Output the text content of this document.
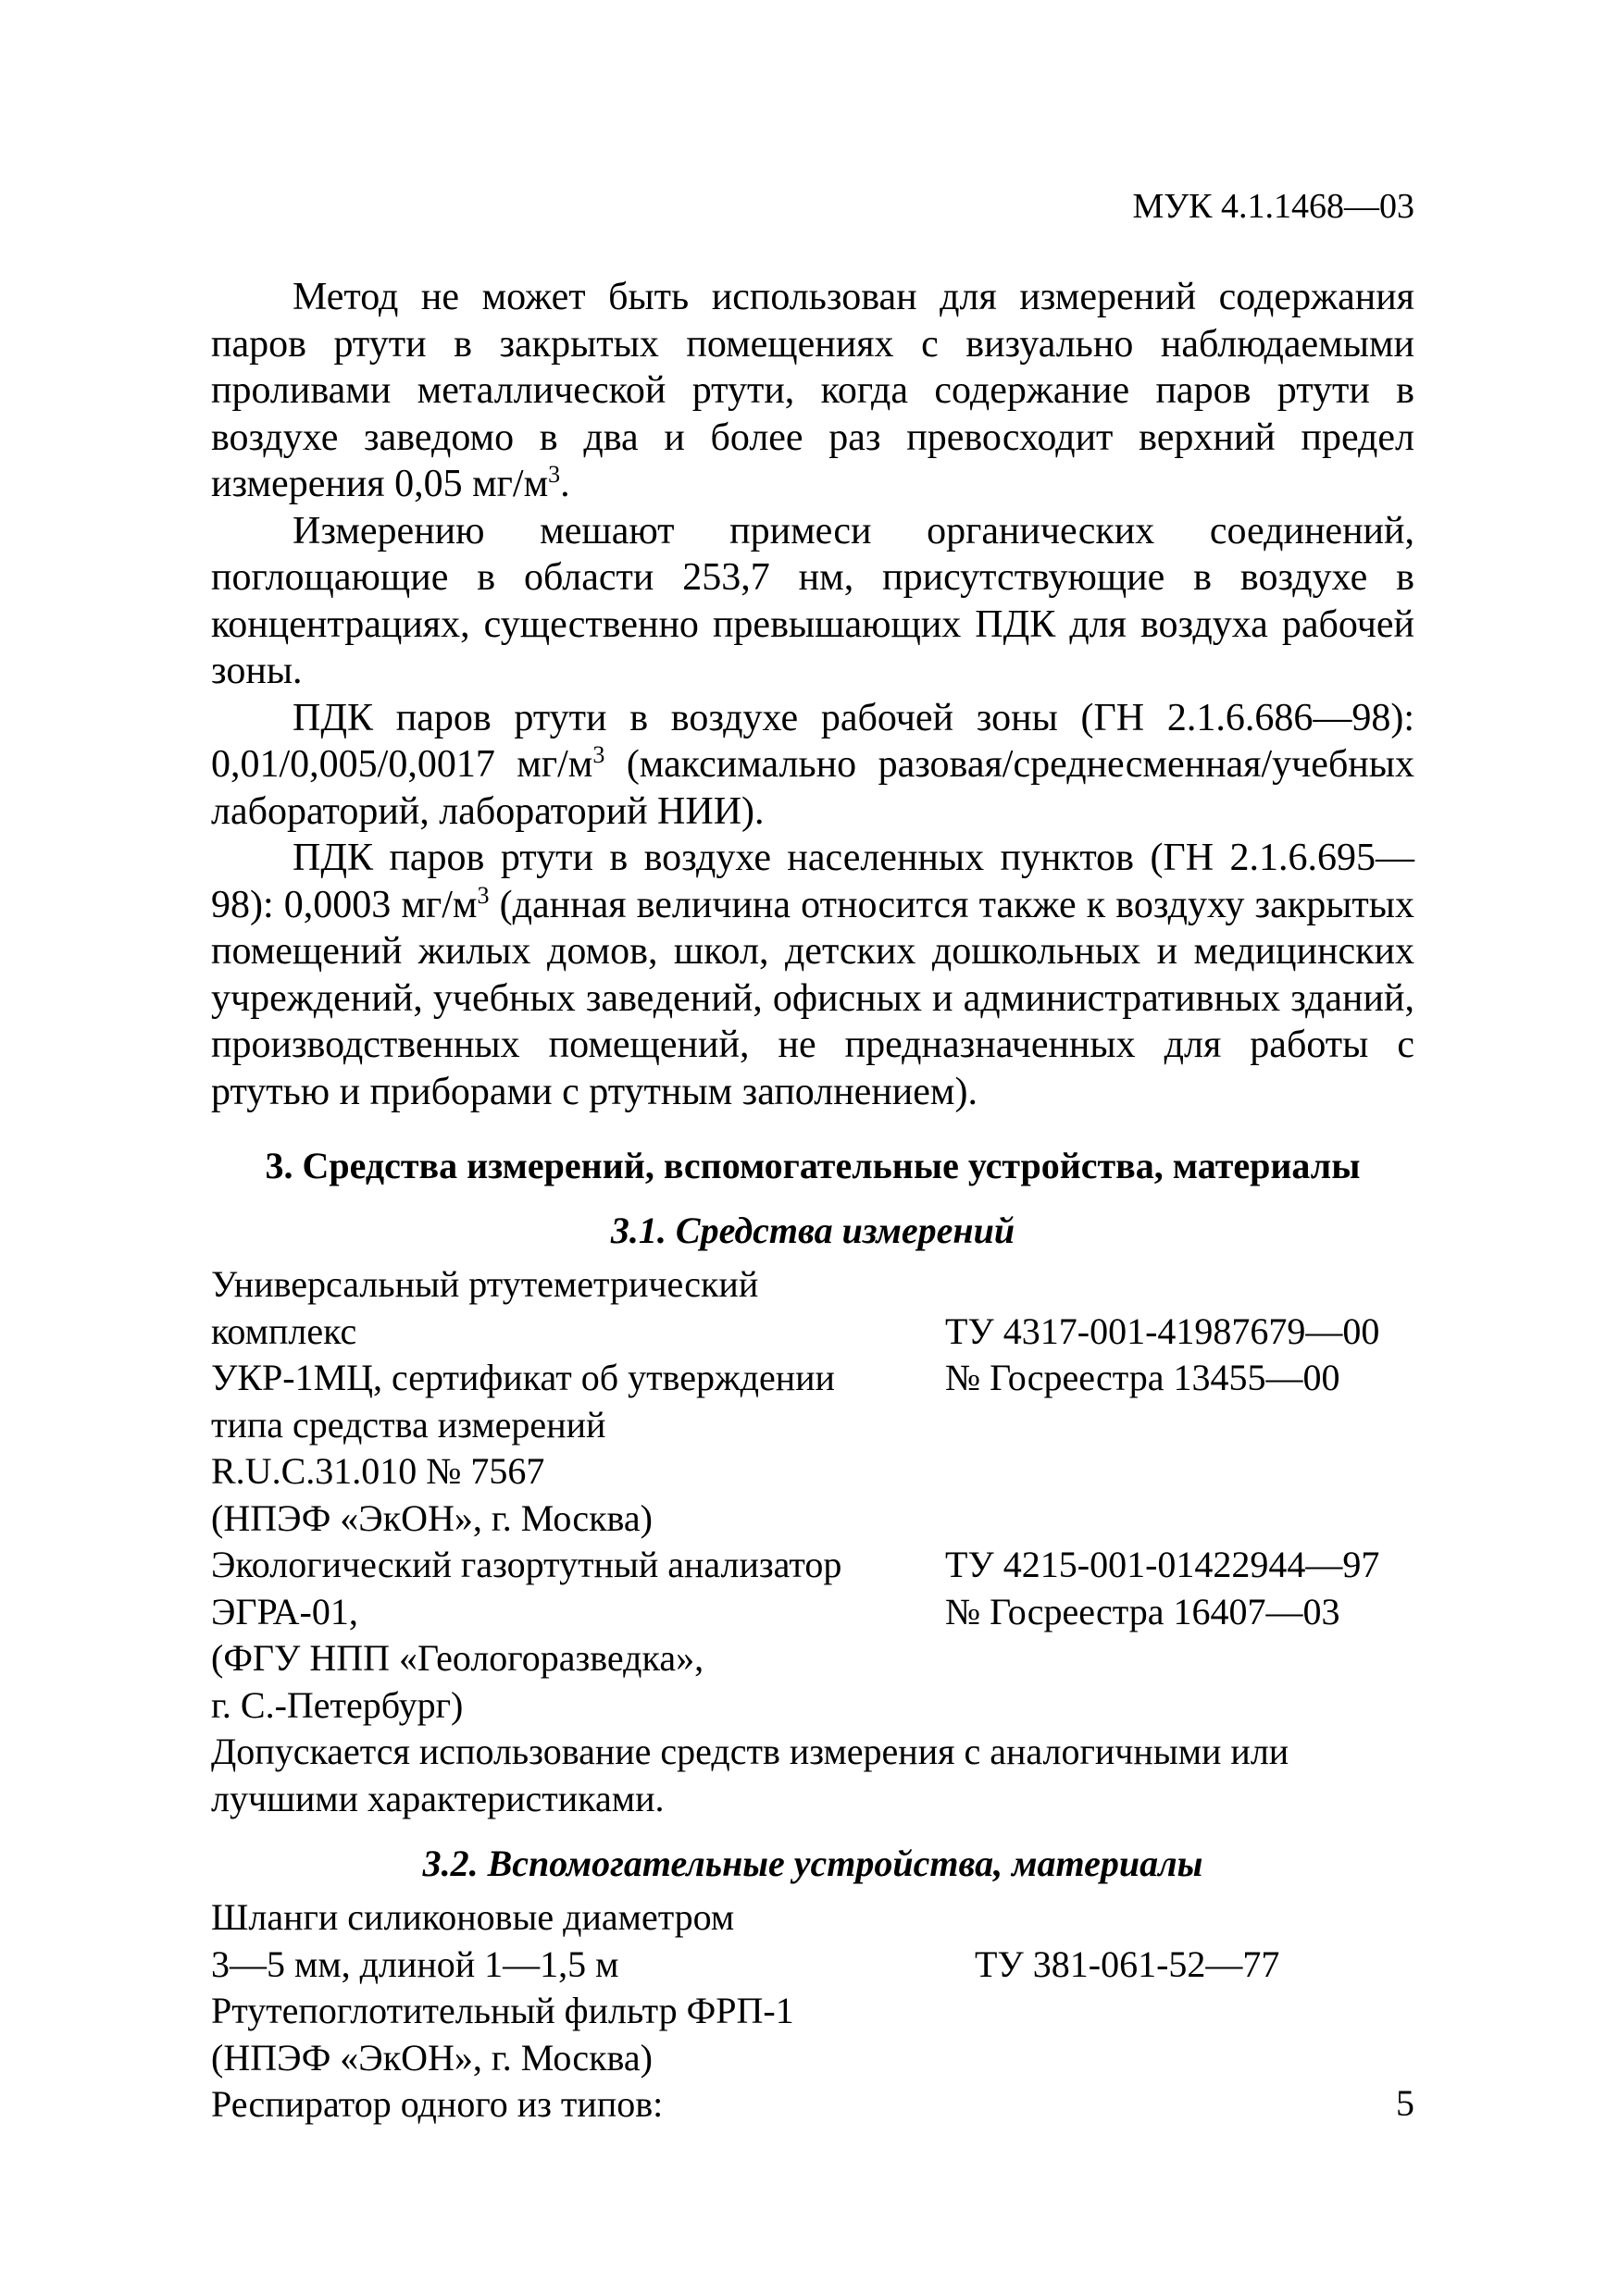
МУК 4.1.1468—03

Метод не может быть использован для измерений содержания паров ртути в закрытых помещениях с визуально наблюдаемыми проливами металлической ртути, когда содержание паров ртути в воздухе заведомо в два и более раз превосходит верхний предел измерения 0,05 $мг/м^3$.

Измерению мешают примеси органических соединений, поглощающие в области 253,7 нм, присутствующие в воздухе в концентрациях, существенно превышающих ПДК для воздуха рабочей зоны.

ПДК паров ртути в воздухе рабочей зоны (ГН 2.1.6.686—98): 0,01/0,005/0,0017 $мг/м^3$ (максимально разовая/среднесменная/учебных лабораторий, лабораторий НИИ).

ПДК паров ртути в воздухе населенных пунктов (ГН 2.1.6.695—98): 0,0003 $мг/м^3$ (данная величина относится также к воздуху закрытых помещений жилых домов, школ, детских дошкольных и медицинских учреждений, учебных заведений, офисных и административных зданий, производственных помещений, не предназначенных для работы с ртутью и приборами с ртутным заполнением).

3. Средства измерений, вспомогательные устройства, материалы
3.1. Средства измерений
Универсальный ртутеметрический
комплекс	ТУ 4317-001-41987679—00
УКР-1МЦ, сертификат об утверждении	№ Госреестра 13455—00
типа средства измерений
R.U.C.31.010 № 7567
(НПЭФ «ЭкОН», г. Москва)
Экологический газортутный анализатор	ТУ 4215-001-01422944—97
ЭГРА-01,	№ Госреестра 16407—03
(ФГУ НПП «Геологоразведка»,
г. С.-Петербург)

Допускается использование средств измерения с аналогичными или лучшими характеристиками.

3.2. Вспомогательные устройства, материалы
Шланги силиконовые диаметром
3—5 мм, длиной 1—1,5 м	ТУ 381-061-52—77
Ртутепоглотительный фильтр ФРП-1
(НПЭФ «ЭкОН», г. Москва)
Респиратор одного из типов:	5
